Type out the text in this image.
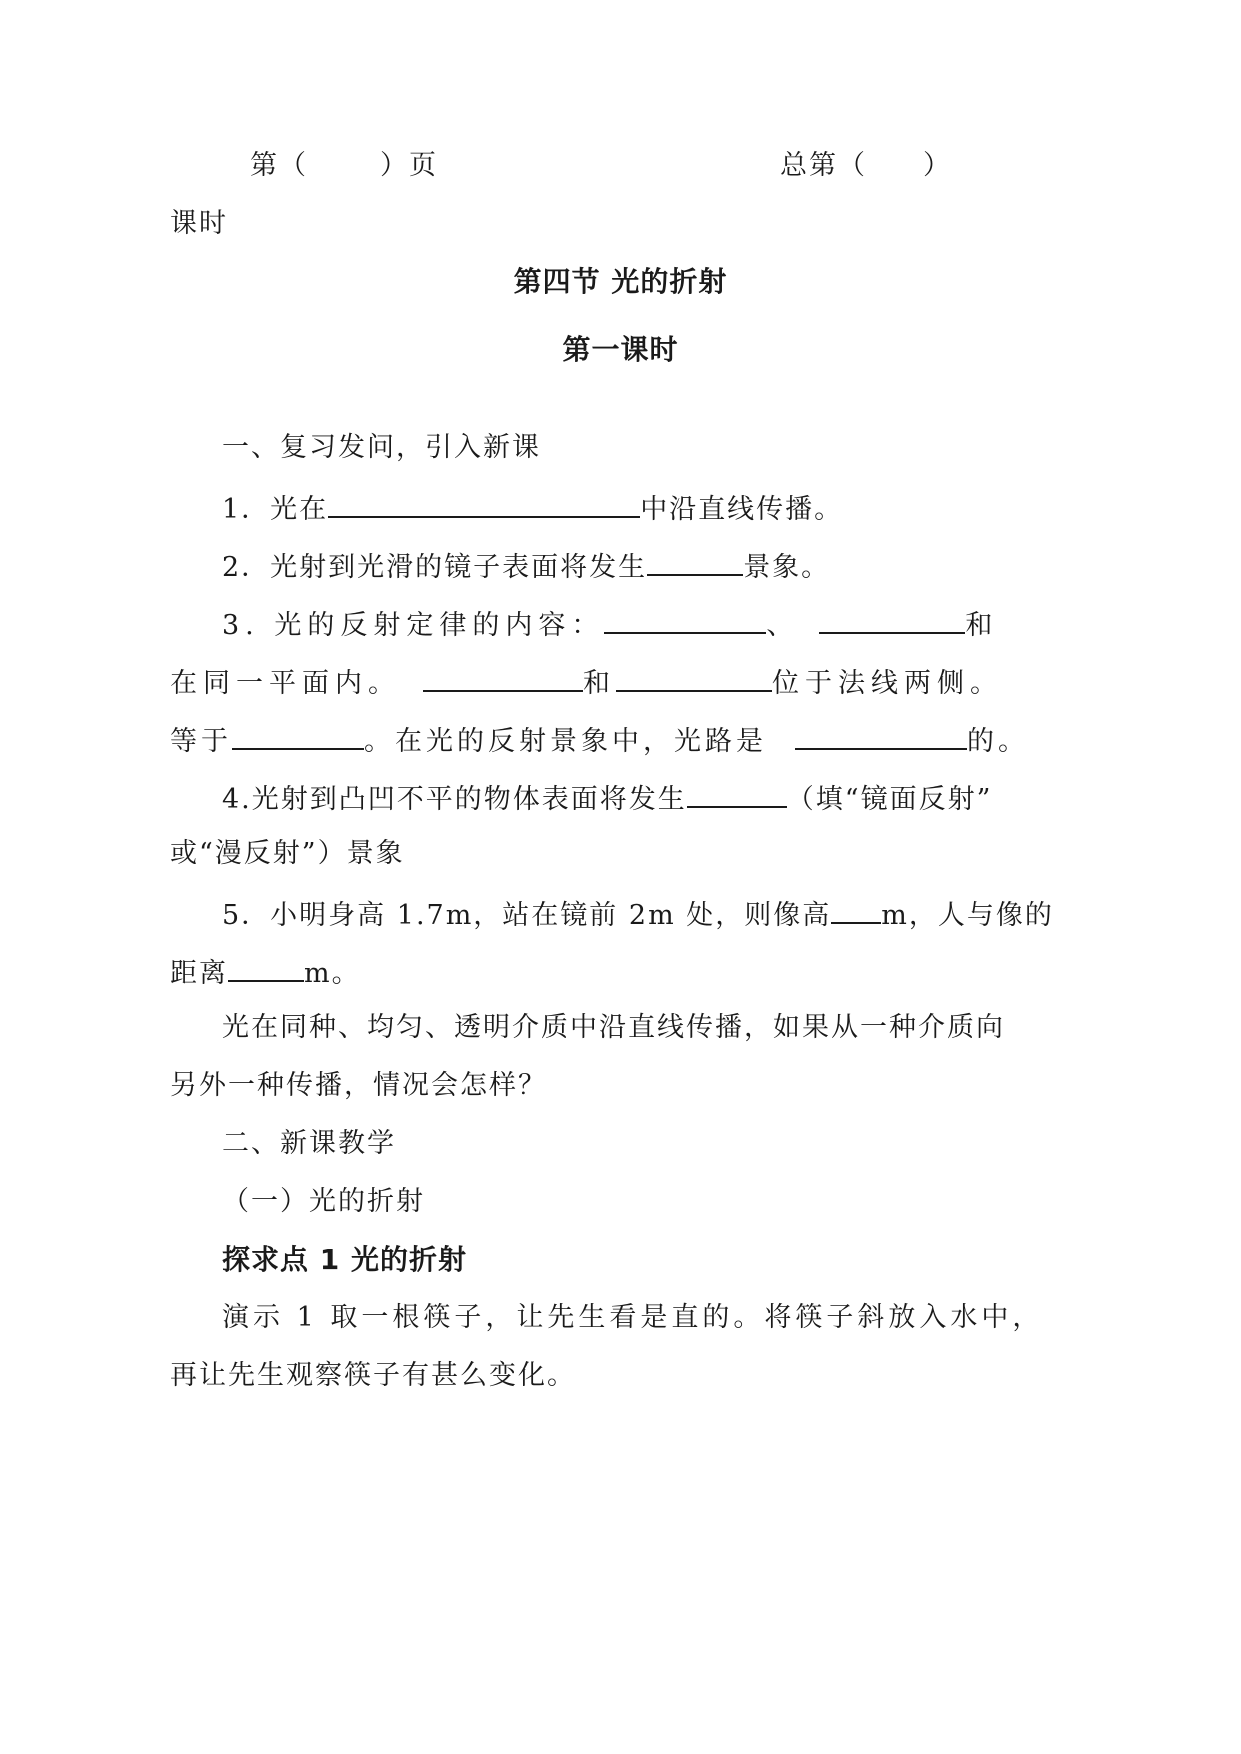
第（	）页	总第（ ）
课时
第四节 光的折射
第一课时
一、复习发问，引入新课
1．光在	中沿直线传播。
2．光射到光滑的镜子表面将发生	景象。
3. 光的反射定律的内容：	、	和
在同一平面内。	和	位于法线两侧。
等于	。在光的反射景象中，光路是	的。
4.光射到凸凹不平的物体表面将发生	（填“镜面反射”
或“漫反射”）景象
5．小明身高 1.7m，站在镜前 2m 处，则像高 m，人与像的
距离	m。
光在同种、均匀、透明介质中沿直线传播，如果从一种介质向
另外一种传播，情况会怎样？
二、新课教学
（一）光的折射
探求点 1 光的折射
演示 1 取一根筷子，让先生看是直的。将筷子斜放入水中，
再让先生观察筷子有甚么变化。
